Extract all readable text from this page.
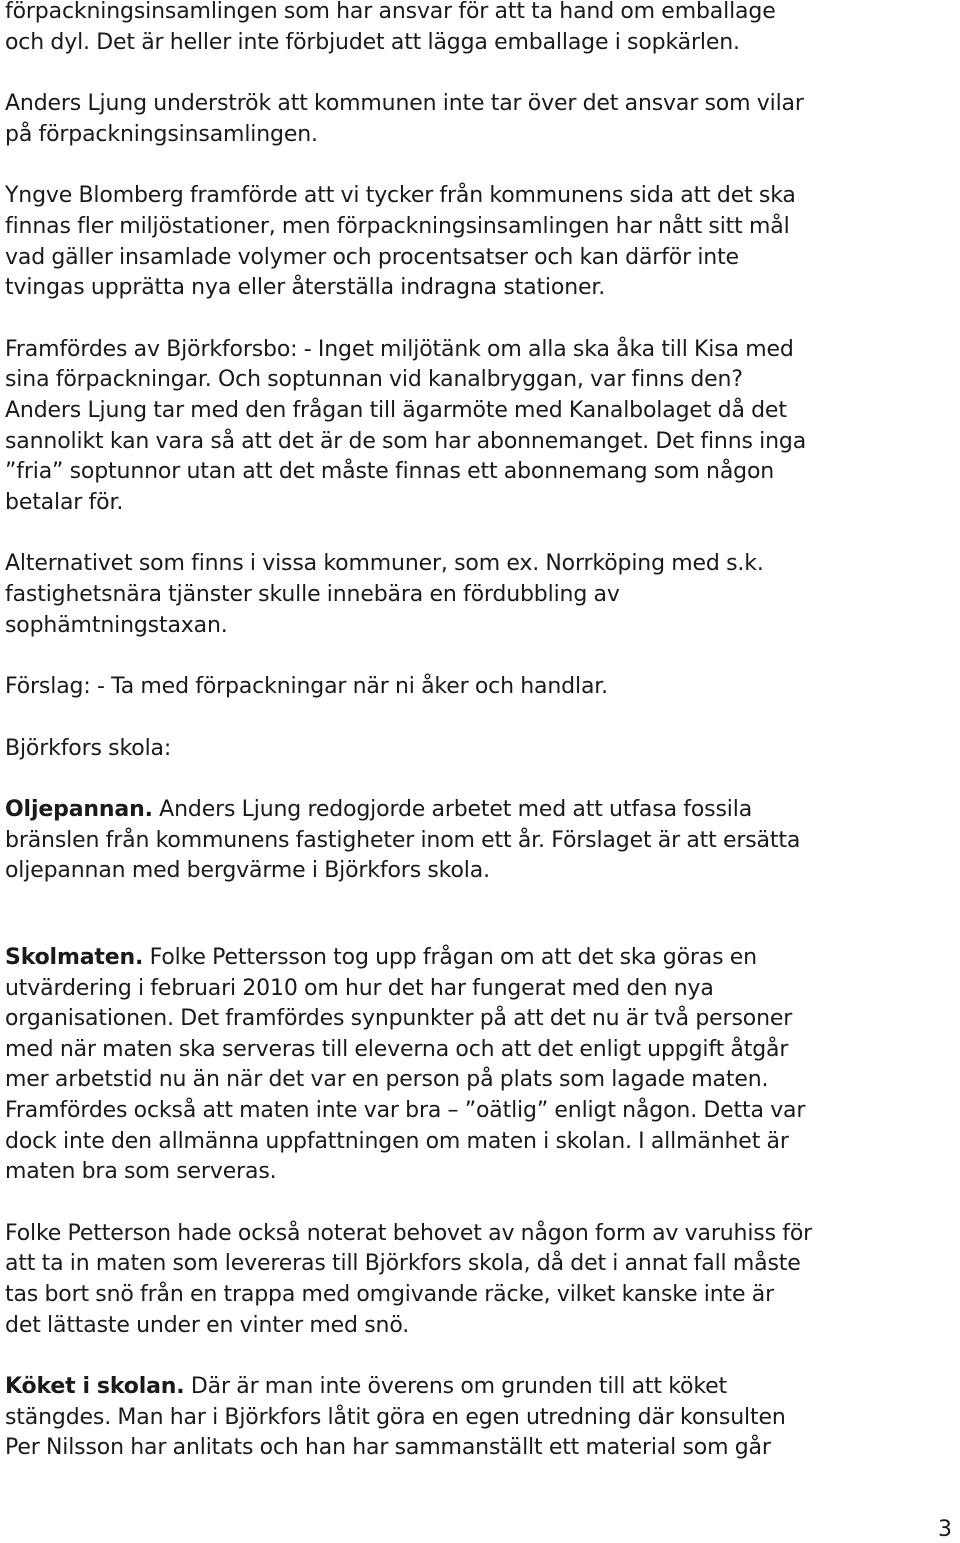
förpackningsinsamlingen som har ansvar för att ta hand om emballage
och dyl. Det är heller inte förbjudet att lägga emballage i sopkärlen.

Anders Ljung underströk att kommunen inte tar över det ansvar som vilar
på förpackningsinsamlingen.

Yngve Blomberg framförde att vi tycker från kommunens sida att det ska
finnas fler miljöstationer, men förpackningsinsamlingen har nått sitt mål
vad gäller insamlade volymer och procentsatser och kan därför inte
tvingas upprätta nya eller återställa indragna stationer.

Framfördes av Björkforsbo: - Inget miljötänk om alla ska åka till Kisa med
sina förpackningar. Och soptunnan vid kanalbryggan, var finns den?
Anders Ljung tar med den frågan till ägarmöte med Kanalbolaget då det
sannolikt kan vara så att det är de som har abonnemanget. Det finns inga
”fria” soptunnor utan att det måste finnas ett abonnemang som någon
betalar för.

Alternativet som finns i vissa kommuner, som ex. Norrköping med s.k.
fastighetsnära tjänster skulle innebära en fördubbling av
sophämtningstaxan.

Förslag: - Ta med förpackningar när ni åker och handlar.

Björkfors skola:

Oljepannan. Anders Ljung redogjorde arbetet med att utfasa fossila
bränslen från kommunens fastigheter inom ett år. Förslaget är att ersätta
oljepannan med bergvärme i Björkfors skola.

Skolmaten. Folke Pettersson tog upp frågan om att det ska göras en
utvärdering i februari 2010 om hur det har fungerat med den nya
organisationen. Det framfördes synpunkter på att det nu är två personer
med när maten ska serveras till eleverna och att det enligt uppgift åtgår
mer arbetstid nu än när det var en person på plats som lagade maten.
Framfördes också att maten inte var bra – ”oätlig” enligt någon. Detta var
dock inte den allmänna uppfattningen om maten i skolan. I allmänhet är
maten bra som serveras.

Folke Petterson hade också noterat behovet av någon form av varuhiss för
att ta in maten som levereras till Björkfors skola, då det i annat fall måste
tas bort snö från en trappa med omgivande räcke, vilket kanske inte är
det lättaste under en vinter med snö.

Köket i skolan. Där är man inte överens om grunden till att köket
stängdes. Man har i Björkfors låtit göra en egen utredning där konsulten
Per Nilsson har anlitats och han har sammanställt ett material som går

3
